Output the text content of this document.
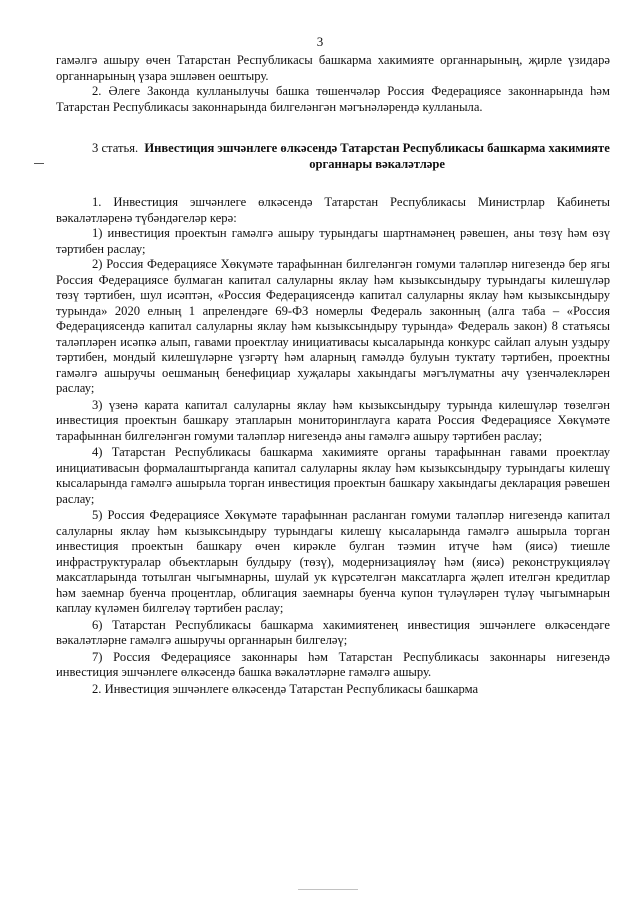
3

гамәлгә ашыру өчен Татарстан Республикасы башкарма хакимияте органнарының, җирле үзидарә органнарының үзара эшләвен оештыру.

2. Әлеге Законда кулланылучы башка төшенчәләр Россия Федерациясе законнарында һәм Татарстан Республикасы законнарында билгеләнгән мәгънәләрендә кулланыла.

3 статья. Инвестиция эшчәнлеге өлкәсендә Татарстан Республикасы башкарма хакимияте органнары вәкаләтләре

1. Инвестиция эшчәнлеге өлкәсендә Татарстан Республикасы Министрлар Кабинеты вәкаләтләренә түбәндәгеләр керә:

1) инвестиция проектын гамәлгә ашыру турындагы шартнамәнең рәвешен, аны төзү һәм өзү тәртибен раслау;

2) Россия Федерациясе Хөкүмәте тарафыннан билгеләнгән гомуми таләпләр нигезендә бер ягы Россия Федерациясе булмаган капитал салуларны яклау һәм кызыксындыру турындагы килешүләр төзү тәртибен, шул исәптән, «Россия Федерациясендә капитал салуларны яклау һәм кызыксындыру турында» 2020 елның 1 апрелендәге 69-ФЗ номерлы Федераль законның (алга таба – «Россия Федерациясендә капитал салуларны яклау һәм кызыксындыру турында» Федераль закон) 8 статьясы таләпләрен исәпкә алып, гавами проектлау инициативасы кысаларында конкурс сайлап алуын уздыру тәртибен, мондый килешүләрне үзгәртү һәм аларның гамәлдә булуын туктату тәртибен, проектны гамәлгә ашыручы оешманың бенефициар хуҗалары хакындагы мәгълүматны ачу үзенчәлекләрен раслау;

3) үзенә карата капитал салуларны яклау һәм кызыксындыру турында килешүләр төзелгән инвестиция проектын башкару этапларын мониторинглауга карата Россия Федерациясе Хөкүмәте тарафыннан билгеләнгән гомуми таләпләр нигезендә аны гамәлгә ашыру тәртибен раслау;

4) Татарстан Республикасы башкарма хакимияте органы тарафыннан гавами проектлау инициативасын формалаштырганда капитал салуларны яклау һәм кызыксындыру турындагы килешү кысаларында гамәлгә ашырыла торган инвестиция проектын башкару хакындагы декларация рәвешен раслау;

5) Россия Федерациясе Хөкүмәте тарафыннан расланган гомуми таләпләр нигезендә капитал салуларны яклау һәм кызыксындыру турындагы килешү кысаларында гамәлгә ашырыла торган инвестиция проектын башкару өчен кирәкле булган тәэмин итүче һәм (яисә) тиешле инфраструктуралар объектларын булдыру (төзү), модернизацияләү һәм (яисә) реконструкцияләү максатларында тотылган чыгымнарны, шулай ук күрсәтелгән максатларга җәлеп ителгән кредитлар һәм заемнар буенча процентлар, облигация заемнары буенча купон түләүләрен түләү чыгымнарын каплау күләмен билгеләү тәртибен раслау;

6) Татарстан Республикасы башкарма хакимиятенең инвестиция эшчәнлеге өлкәсендәге вәкаләтләрне гамәлгә ашыручы органнарын билгеләү;

7) Россия Федерациясе законнары һәм Татарстан Республикасы законнары нигезендә инвестиция эшчәнлеге өлкәсендә башка вәкаләтләрне гамәлгә ашыру.

2. Инвестиция эшчәнлеге өлкәсендә Татарстан Республикасы башкарма
